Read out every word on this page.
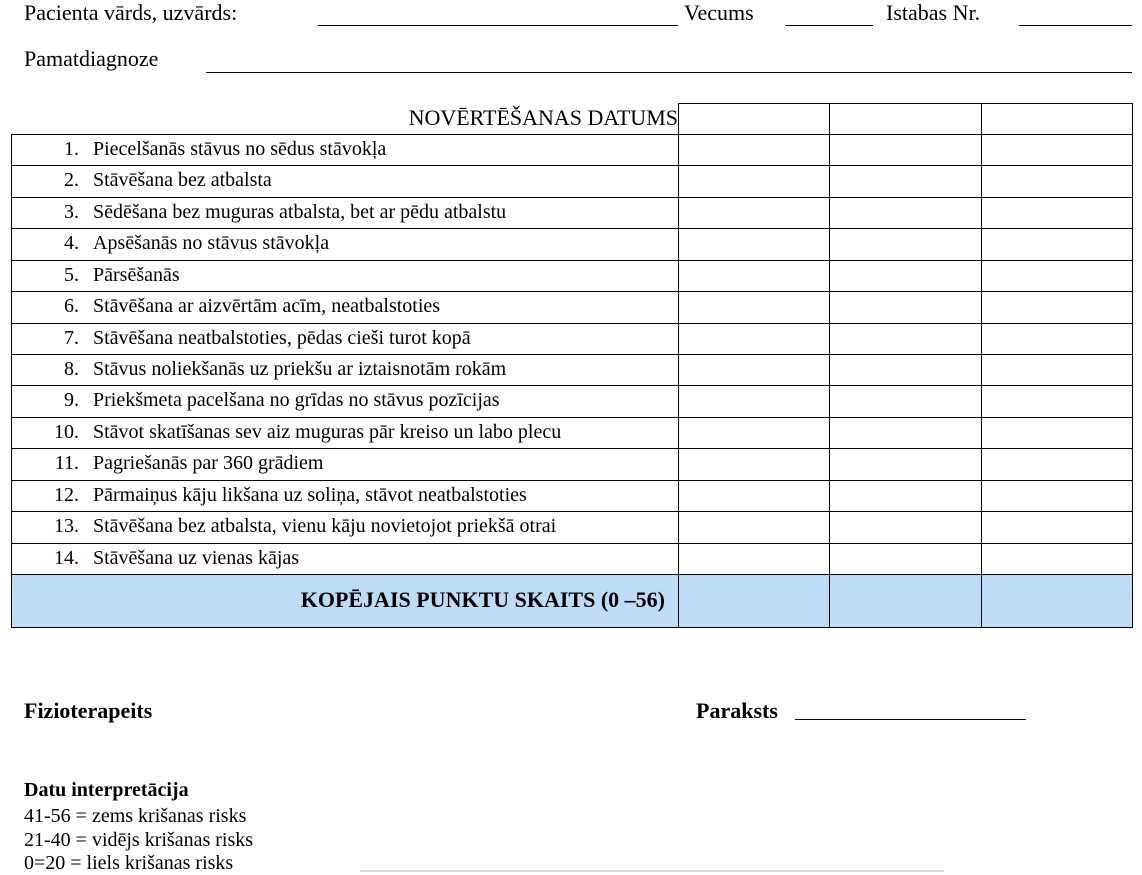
Pacienta vārds, uzvārds:	Vecums	Istabas Nr.
Pamatdiagnoze
NOVĒRTĒŠANAS DATUMS
1. Piecelšanās stāvus no sēdus stāvokļa
2. Stāvēšana bez atbalsta
3. Sēdēšana bez muguras atbalsta, bet ar pēdu atbalstu
4. Apsēšanās no stāvus stāvokļa
5. Pārsēšanās
6. Stāvēšana ar aizvērtām acīm, neatbalstoties
7. Stāvēšana neatbalstoties, pēdas cieši turot kopā
8. Stāvus noliekšanās uz priekšu ar iztaisnotām rokām
9. Priekšmeta pacelšana no grīdas no stāvus pozīcijas
10. Stāvot skatīšanas sev aiz muguras pār kreiso un labo plecu
11. Pagriešanās par 360 grādiem
12. Pārmaiņus kāju likšana uz soliņa, stāvot neatbalstoties
13. Stāvēšana bez atbalsta, vienu kāju novietojot priekšā otrai
14. Stāvēšana uz vienas kājas
KOPĒJAIS PUNKTU SKAITS (0 –56)
Fizioterapeits	Paraksts
Datu interpretācija
41-56 = zems krišanas risks
21-40 = vidējs krišanas risks
0=20 = liels krišanas risks
